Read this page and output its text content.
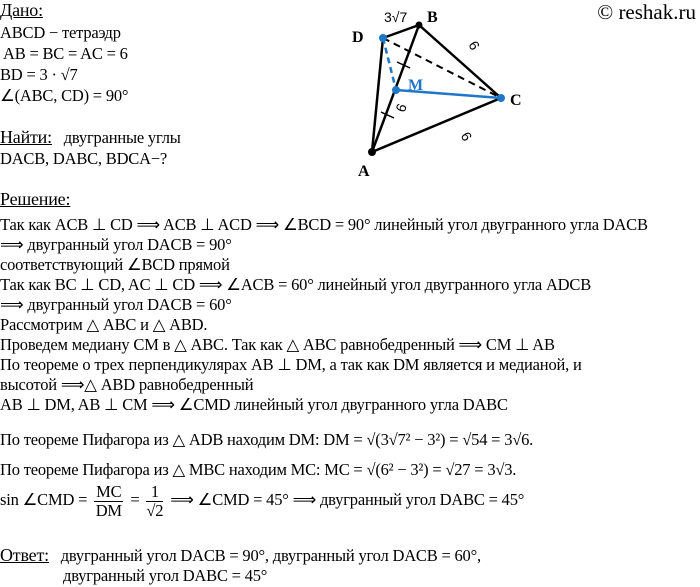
© reshak.ru
Дано:
ABCD − тетраэдр
AB = BC = AC = 6
BD = 3 · √7
∠(ABC, CD) = 90°
Найти: двугранные углы
DACB, DABC, BDCA−?
D
B
C
A
M
3√7
6
6
6
Решение:
Так как ACB ⊥ CD ⟹ ACB ⊥ ACD ⟹ ∠BCD = 90° линейный угол двугранного угла DACB
⟹ двугранный угол DACB = 90°
соответствующий ∠BCD прямой
Так как BC ⊥ CD, AC ⊥ CD ⟹ ∠ACB = 60° линейный угол двугранного угла ADCB
⟹ двугранный угол DACB = 60°
Рассмотрим △ ABC и △ ABD.
Проведем медиану CM в △ ABC. Так как △ ABC равнобедренный ⟹ CM ⊥ AB
По теореме о трех перпендикулярах AB ⊥ DM, а так как DM является и медианой, и
высотой ⟹△ ABD равнобедренный
AB ⊥ DM, AB ⊥ CM ⟹ ∠CMD линейный угол двугранного угла DABC
По теореме Пифагора из △ ADB находим DM: DM = √(3√7² − 3²) = √54 = 3√6.
По теореме Пифагора из △ MBC находим MC: MC = √(6² − 3²) = √27 = 3√3.
sin ∠CMD = $\frac{MC}{DM} = \frac{1}{√2}$ ⟹ ∠CMD = 45° ⟹ двугранный угол DABC = 45°
Ответ: двугранный угол DACB = 90°, двугранный угол DACB = 60°,
двугранный угол DABC = 45°
